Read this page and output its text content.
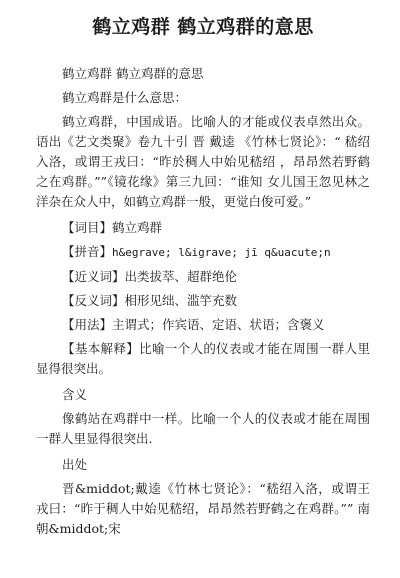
鹤立鸡群 鹤立鸡群的意思

鹤立鸡群 鹤立鸡群的意思

鹤立鸡群是什么意思：

鹤立鸡群，中国成语。比喻人的才能或仪表卓然出众。语出《艺文类聚》卷九十引 晋 戴逵 《竹林七贤论》：“ 嵇绍入洛，或谓王戎曰：“昨於稠人中始见嵇绍 ，昂昂然若野鹤之在鸡群。””《镜花缘》第三九回：“谁知 女儿国王忽见林之洋杂在众人中，如鹤立鸡群一般，更觉白俊可爱。”

【词目】鹤立鸡群

【拼音】h&egrave; l&igrave; jī q&uacute;n

【近义词】出类拔萃、超群绝伦

【反义词】相形见绌、滥竽充数

【用法】主谓式；作宾语、定语、状语；含褒义

【基本解释】比喻一个人的仪表或才能在周围一群人里显得很突出。

含义

像鹤站在鸡群中一样。比喻一个人的仪表或才能在周围一群人里显得很突出.

出处

晋&middot;戴逵《竹林七贤论》：“嵇绍入洛，或谓王戎曰：“昨于稠人中始见嵇绍，昂昂然若野鹤之在鸡群。”” 南朝&middot;宋
